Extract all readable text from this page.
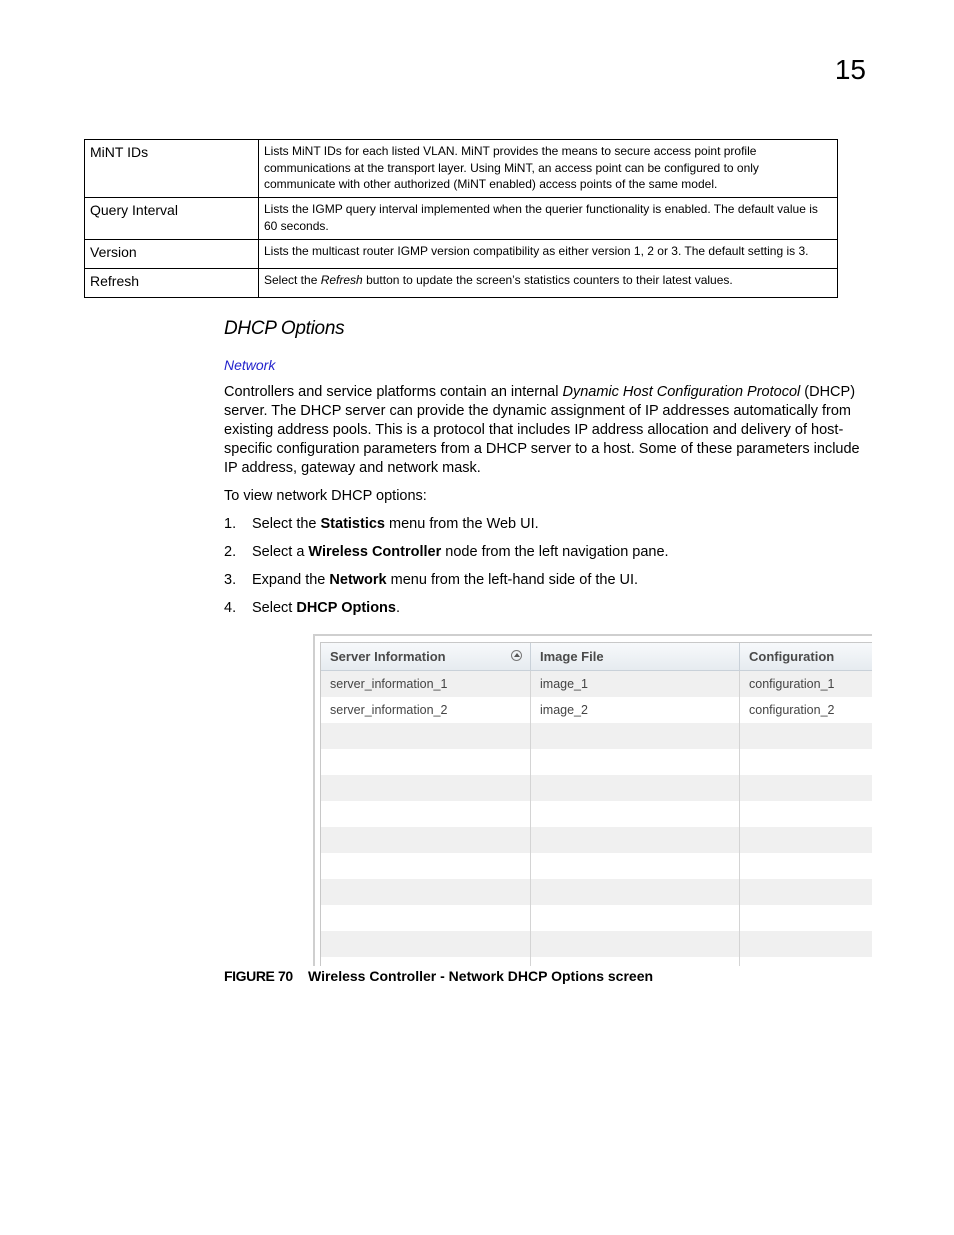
15
MiNT IDs	Lists MiNT IDs for each listed VLAN. MiNT provides the means to secure access point profile communications at the transport layer. Using MiNT, an access point can be configured to only communicate with other authorized (MiNT enabled) access points of the same model.
Query Interval	Lists the IGMP query interval implemented when the querier functionality is enabled. The default value is 60 seconds.
Version	Lists the multicast router IGMP version compatibility as either version 1, 2 or 3. The default setting is 3.
Refresh	Select the Refresh button to update the screen’s statistics counters to their latest values.
DHCP Options
Network
Controllers and service platforms contain an internal Dynamic Host Configuration Protocol (DHCP) server. The DHCP server can provide the dynamic assignment of IP addresses automatically from existing address pools. This is a protocol that includes IP address allocation and delivery of host-specific configuration parameters from a DHCP server to a host. Some of these parameters include IP address, gateway and network mask.
To view network DHCP options:
1. Select the Statistics menu from the Web UI.
2. Select a Wireless Controller node from the left navigation pane.
3. Expand the Network menu from the left-hand side of the UI.
4. Select DHCP Options.
Server Information	Image File	Configuration
server_information_1	image_1	configuration_1
server_information_2	image_2	configuration_2
FIGURE 70 Wireless Controller - Network DHCP Options screen
